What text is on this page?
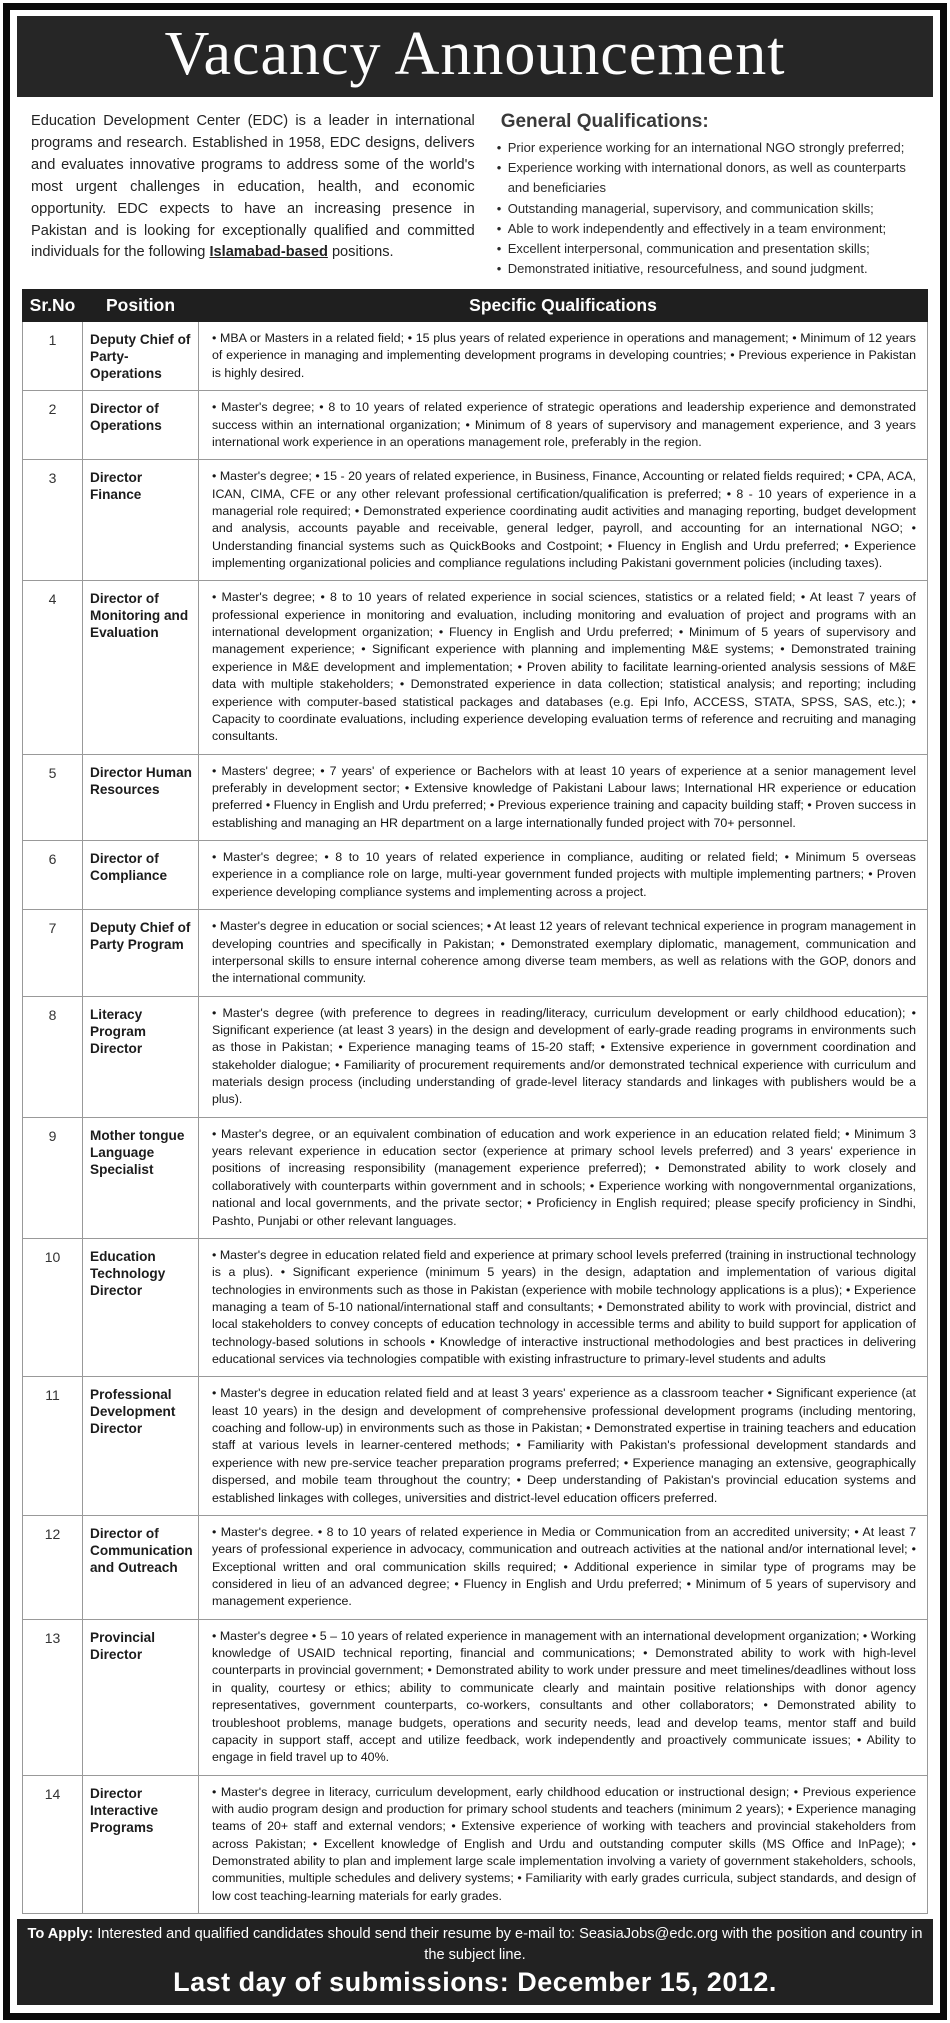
Vacancy Announcement

Education Development Center (EDC) is a leader in international programs and research. Established in 1958, EDC designs, delivers and evaluates innovative programs to address some of the world's most urgent challenges in education, health, and economic opportunity. EDC expects to have an increasing presence in Pakistan and is looking for exceptionally qualified and committed individuals for the following Islamabad-based positions.

General Qualifications:
• Prior experience working for an international NGO strongly preferred;
• Experience working with international donors, as well as counterparts and beneficiaries
• Outstanding managerial, supervisory, and communication skills;
• Able to work independently and effectively in a team environment;
• Excellent interpersonal, communication and presentation skills;
• Demonstrated initiative, resourcefulness, and sound judgment.
Sr.No	Position	Specific Qualifications
1	Deputy Chief of Party-Operations	• MBA or Masters in a related field; • 15 plus years of related experience in operations and management; • Minimum of 12 years of experience in managing and implementing development programs in developing countries; • Previous experience in Pakistan is highly desired.
2	Director of Operations	• Master's degree; • 8 to 10 years of related experience of strategic operations and leadership experience and demonstrated success within an international organization; • Minimum of 8 years of supervisory and management experience, and 3 years international work experience in an operations management role, preferably in the region.
3	Director Finance	• Master's degree; • 15 - 20 years of related experience, in Business, Finance, Accounting or related fields required; • CPA, ACA, ICAN, CIMA, CFE or any other relevant professional certification/qualification is preferred; • 8 - 10 years of experience in a managerial role required; • Demonstrated experience coordinating audit activities and managing reporting, budget development and analysis, accounts payable and receivable, general ledger, payroll, and accounting for an international NGO; • Understanding financial systems such as QuickBooks and Costpoint; • Fluency in English and Urdu preferred; • Experience implementing organizational policies and compliance regulations including Pakistani government policies (including taxes).
4	Director of Monitoring and Evaluation	• Master's degree; • 8 to 10 years of related experience in social sciences, statistics or a related field; • At least 7 years of professional experience in monitoring and evaluation, including monitoring and evaluation of project and programs with an international development organization; • Fluency in English and Urdu preferred; • Minimum of 5 years of supervisory and management experience; • Significant experience with planning and implementing M&E systems; • Demonstrated training experience in M&E development and implementation; • Proven ability to facilitate learning-oriented analysis sessions of M&E data with multiple stakeholders; • Demonstrated experience in data collection; statistical analysis; and reporting; including experience with computer-based statistical packages and databases (e.g. Epi Info, ACCESS, STATA, SPSS, SAS, etc.); • Capacity to coordinate evaluations, including experience developing evaluation terms of reference and recruiting and managing consultants.
5	Director Human Resources	• Masters' degree; • 7 years' of experience or Bachelors with at least 10 years of experience at a senior management level preferably in development sector; • Extensive knowledge of Pakistani Labour laws; International HR experience or education preferred • Fluency in English and Urdu preferred; • Previous experience training and capacity building staff; • Proven success in establishing and managing an HR department on a large internationally funded project with 70+ personnel.
6	Director of Compliance	• Master's degree; • 8 to 10 years of related experience in compliance, auditing or related field; • Minimum 5 overseas experience in a compliance role on large, multi-year government funded projects with multiple implementing partners; • Proven experience developing compliance systems and implementing across a project.
7	Deputy Chief of Party Program	• Master's degree in education or social sciences; • At least 12 years of relevant technical experience in program management in developing countries and specifically in Pakistan; • Demonstrated exemplary diplomatic, management, communication and interpersonal skills to ensure internal coherence among diverse team members, as well as relations with the GOP, donors and the international community.
8	Literacy Program Director	• Master's degree (with preference to degrees in reading/literacy, curriculum development or early childhood education); • Significant experience (at least 3 years) in the design and development of early-grade reading programs in environments such as those in Pakistan; • Experience managing teams of 15-20 staff; • Extensive experience in government coordination and stakeholder dialogue; • Familiarity of procurement requirements and/or demonstrated technical experience with curriculum and materials design process (including understanding of grade-level literacy standards and linkages with publishers would be a plus).
9	Mother tongue Language Specialist	• Master's degree, or an equivalent combination of education and work experience in an education related field; • Minimum 3 years relevant experience in education sector (experience at primary school levels preferred) and 3 years' experience in positions of increasing responsibility (management experience preferred); • Demonstrated ability to work closely and collaboratively with counterparts within government and in schools; • Experience working with nongovernmental organizations, national and local governments, and the private sector; • Proficiency in English required; please specify proficiency in Sindhi, Pashto, Punjabi or other relevant languages.
10	Education Technology Director	• Master's degree in education related field and experience at primary school levels preferred (training in instructional technology is a plus). • Significant experience (minimum 5 years) in the design, adaptation and implementation of various digital technologies in environments such as those in Pakistan (experience with mobile technology applications is a plus); • Experience managing a team of 5-10 national/international staff and consultants; • Demonstrated ability to work with provincial, district and local stakeholders to convey concepts of education technology in accessible terms and ability to build support for application of technology-based solutions in schools • Knowledge of interactive instructional methodologies and best practices in delivering educational services via technologies compatible with existing infrastructure to primary-level students and adults
11	Professional Development Director	• Master's degree in education related field and at least 3 years' experience as a classroom teacher • Significant experience (at least 10 years) in the design and development of comprehensive professional development programs (including mentoring, coaching and follow-up) in environments such as those in Pakistan; • Demonstrated expertise in training teachers and education staff at various levels in learner-centered methods; • Familiarity with Pakistan's professional development standards and experience with new pre-service teacher preparation programs preferred; • Experience managing an extensive, geographically dispersed, and mobile team throughout the country; • Deep understanding of Pakistan's provincial education systems and established linkages with colleges, universities and district-level education officers preferred.
12	Director of Communication and Outreach	• Master's degree. • 8 to 10 years of related experience in Media or Communication from an accredited university; • At least 7 years of professional experience in advocacy, communication and outreach activities at the national and/or international level; • Exceptional written and oral communication skills required; • Additional experience in similar type of programs may be considered in lieu of an advanced degree; • Fluency in English and Urdu preferred; • Minimum of 5 years of supervisory and management experience.
13	Provincial Director	• Master's degree • 5 – 10 years of related experience in management with an international development organization; • Working knowledge of USAID technical reporting, financial and communications; • Demonstrated ability to work with high-level counterparts in provincial government; • Demonstrated ability to work under pressure and meet timelines/deadlines without loss in quality, courtesy or ethics; ability to communicate clearly and maintain positive relationships with donor agency representatives, government counterparts, co-workers, consultants and other collaborators; • Demonstrated ability to troubleshoot problems, manage budgets, operations and security needs, lead and develop teams, mentor staff and build capacity in support staff, accept and utilize feedback, work independently and proactively communicate issues; • Ability to engage in field travel up to 40%.
14	Director Interactive Programs	• Master's degree in literacy, curriculum development, early childhood education or instructional design; • Previous experience with audio program design and production for primary school students and teachers (minimum 2 years); • Experience managing teams of 20+ staff and external vendors; • Extensive experience of working with teachers and provincial stakeholders from across Pakistan; • Excellent knowledge of English and Urdu and outstanding computer skills (MS Office and InPage); • Demonstrated ability to plan and implement large scale implementation involving a variety of government stakeholders, schools, communities, multiple schedules and delivery systems; • Familiarity with early grades curricula, subject standards, and design of low cost teaching-learning materials for early grades.
To Apply: Interested and qualified candidates should send their resume by e-mail to: SeasiaJobs@edc.org with the position and country in the subject line.
Last day of submissions: December 15, 2012.
